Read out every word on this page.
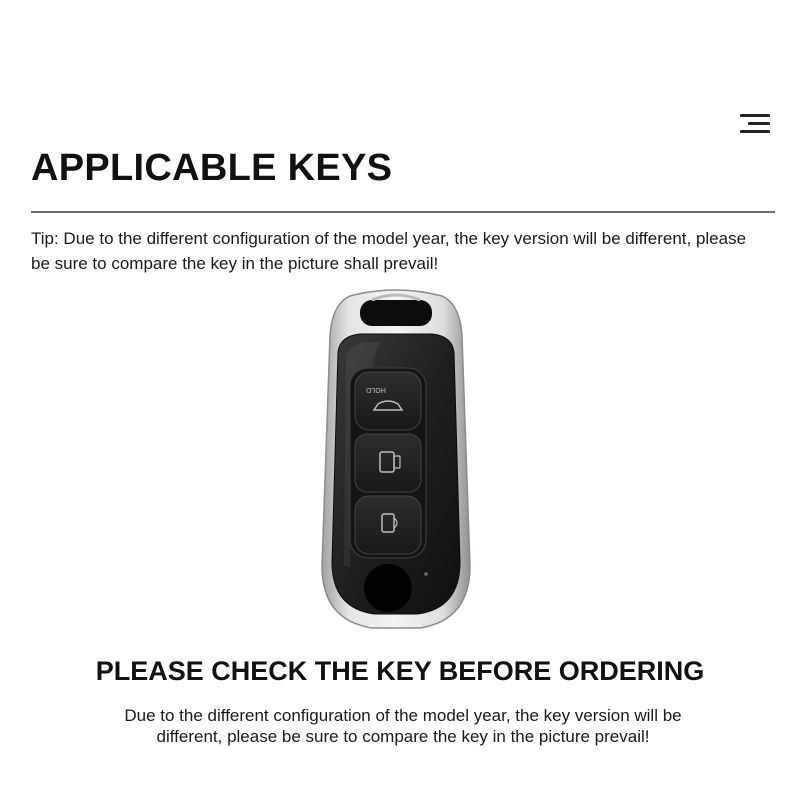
APPLICABLE KEYS

Tip: Due to the different configuration of the model year, the key version will be different, please be sure to compare the key in the picture shall prevail!

HOLD
PLEASE CHECK THE KEY BEFORE ORDERING

Due to the different configuration of the model year, the key version will be different, please be sure to compare the key in the picture prevail!
